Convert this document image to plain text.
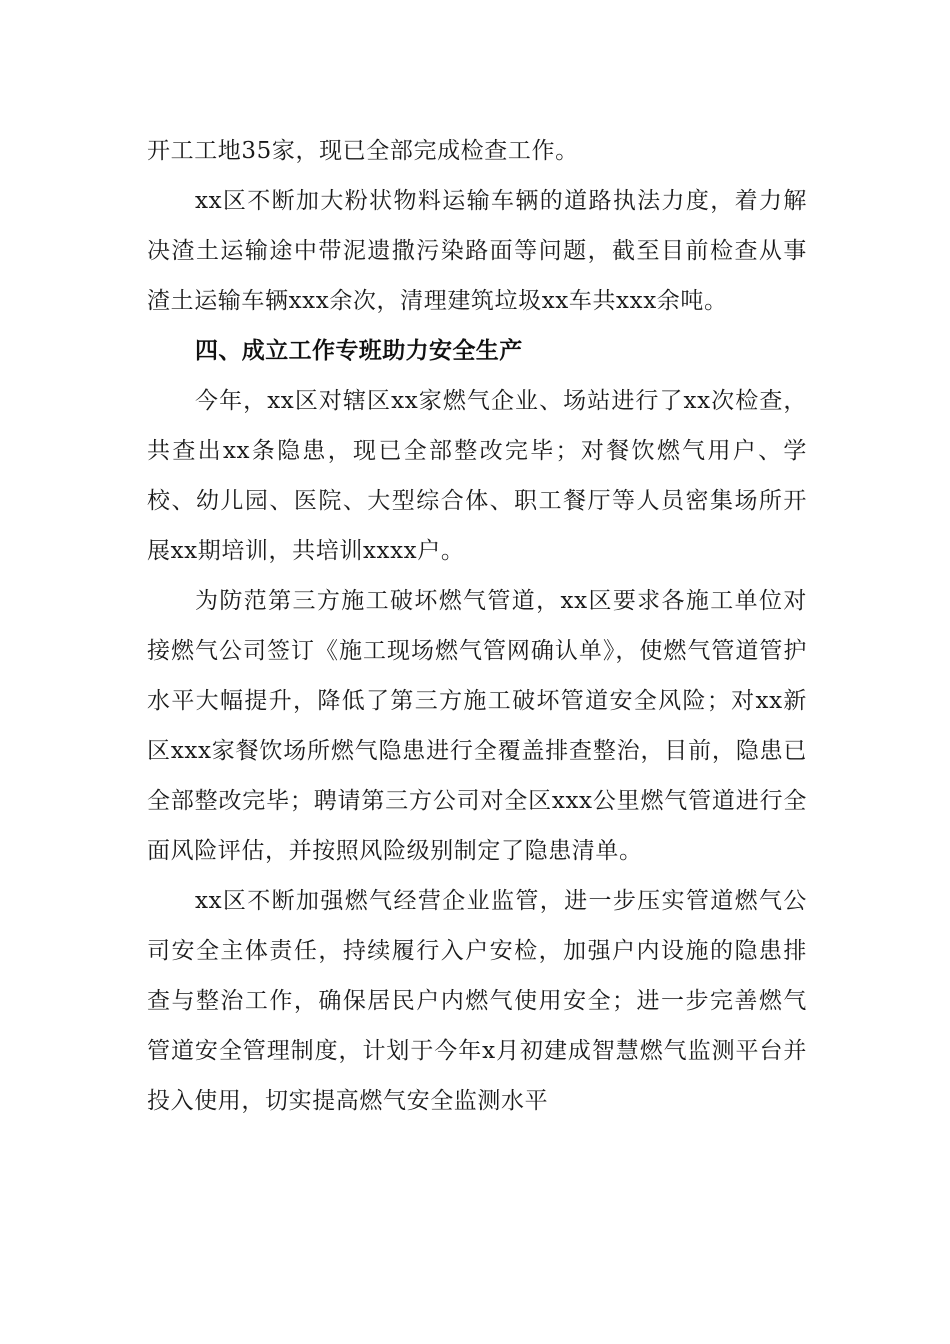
开工工地35家，现已全部完成检查工作。

xx区不断加大粉状物料运输车辆的道路执法力度，着力解决渣土运输途中带泥遗撒污染路面等问题，截至目前检查从事渣土运输车辆xxx余次，清理建筑垃圾xx车共xxx余吨。

四、成立工作专班助力安全生产

今年，xx区对辖区xx家燃气企业、场站进行了xx次检查，共查出xx条隐患，现已全部整改完毕；对餐饮燃气用户、学校、幼儿园、医院、大型综合体、职工餐厅等人员密集场所开展xx期培训，共培训xxxx户。

为防范第三方施工破坏燃气管道，xx区要求各施工单位对接燃气公司签订《施工现场燃气管网确认单》，使燃气管道管护水平大幅提升，降低了第三方施工破坏管道安全风险；对xx新区xxx家餐饮场所燃气隐患进行全覆盖排查整治，目前，隐患已全部整改完毕；聘请第三方公司对全区xxx公里燃气管道进行全面风险评估，并按照风险级别制定了隐患清单。

xx区不断加强燃气经营企业监管，进一步压实管道燃气公司安全主体责任，持续履行入户安检，加强户内设施的隐患排查与整治工作，确保居民户内燃气使用安全；进一步完善燃气管道安全管理制度，计划于今年x月初建成智慧燃气监测平台并投入使用，切实提高燃气安全监测水平
